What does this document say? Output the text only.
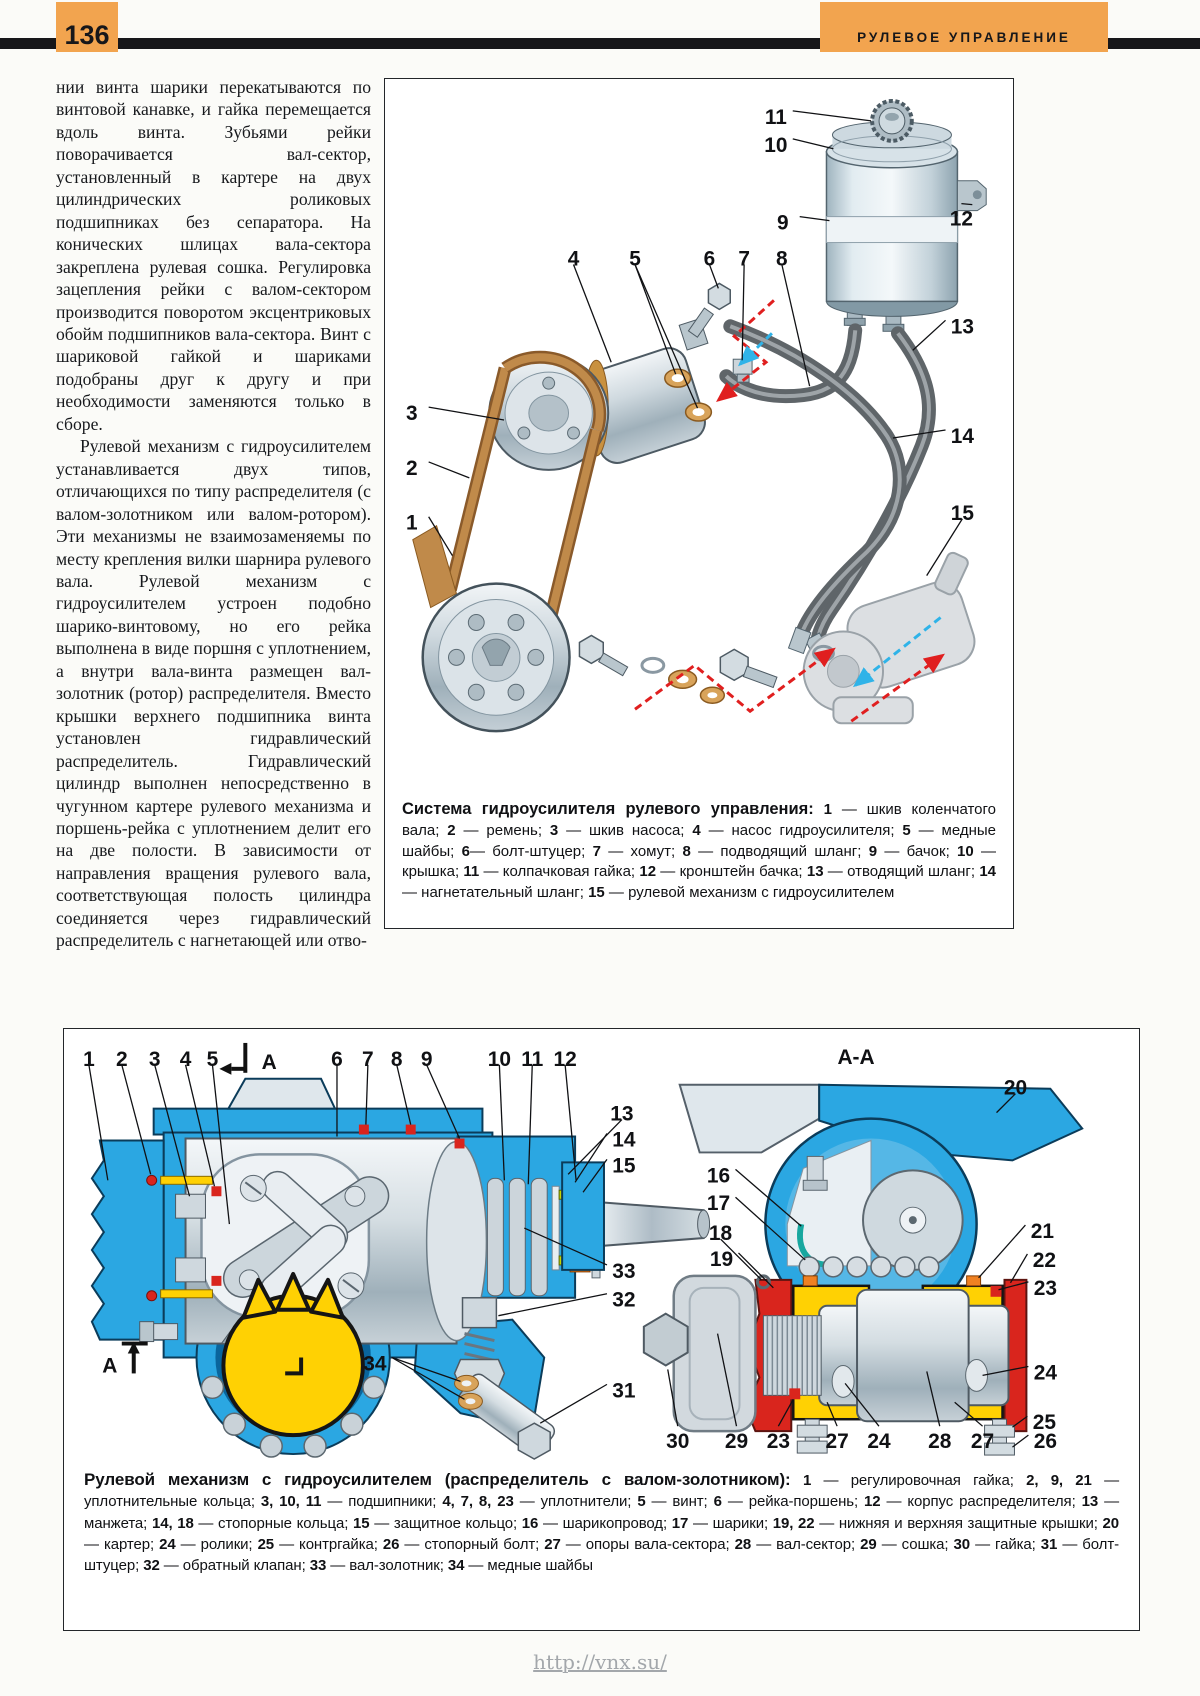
136	РУЛЕВОЕ УПРАВЛЕНИЕ

нии винта шарики перекатываются по винтовой канавке, и гайка перемещается вдоль винта. Зубьями рейки поворачивается вал-сектор, установленный в картере на двух цилиндрических роликовых подшипниках без сепаратора. На конических шлицах вала-сектора закреплена рулевая сошка. Регулировка зацепления рейки с валом-сектором производится поворотом эксцентриковых обойм подшипников вала-сектора. Винт с шариковой гайкой и шариками подобраны друг к другу и при необходимости заменяются только в сборе.

Рулевой механизм с гидроусилителем устанавливается двух типов, отличающихся по типу распределителя (с валом-золотником или валом-ротором). Эти механизмы не взаимозаменяемы по месту крепления вилки шарнира рулевого вала. Рулевой механизм с гидроусилителем устроен подобно шарико-винтовому, но его рейка выполнена в виде поршня с уплотнением, а внутри вала-винта размещен вал-золотник (ротор) распределителя. Вместо крышки верхнего подшипника винта установлен гидравлический распределитель. Гидравлический цилиндр выполнен непосредственно в чугунном картере рулевого механизма и поршень-рейка с уплотнением делит его на две полости. В зависимости от направления вращения рулевого вала, соответствующая полость цилиндра соединяется через гидравлический распределитель с нагнетающей или отво-

1
2
3
4 5	6 7 8
9
10
11
12
13
14
15
Система гидроусилителя рулевого управления: 1 — шкив коленчатого вала; 2 — ремень; 3 — шкив насоса; 4 — насос гидроусилителя; 5 — медные шайбы; 6— болт-штуцер; 7 — хомут; 8 — подводящий шланг; 9 — бачок; 10 — крышка; 11 — колпачковая гайка; 12 — кронштейн бачка; 13 — отводящий шланг; 14 — нагнетательный шланг; 15 — рулевой механизм с гидроусилителем
1 2 3 4 5 А	6 7 8 9	10 11 12
13
14
15
33
32
31
34
А
А-А
20
16
17
18
19
21
22
23
24
25
26
30 29 23 27 24 28 27
Рулевой механизм с гидроусилителем (распределитель с валом-золотником): 1 — регулировочная гайка; 2, 9, 21 — уплотнительные кольца; 3, 10, 11 — подшипники; 4, 7, 8, 23 — уплотнители; 5 — винт; 6 — рейка-поршень; 12 — корпус распределителя; 13 — манжета; 14, 18 — стопорные кольца; 15 — защитное кольцо; 16 — шарикопровод; 17 — шарики; 19, 22 — нижняя и верхняя защитные крышки; 20 — картер; 24 — ролики; 25 — контргайка; 26 — стопорный болт; 27 — опоры вала-сектора; 28 — вал-сектор; 29 — сошка; 30 — гайка; 31 — болт-штуцер; 32 — обратный клапан; 33 — вал-золотник; 34 — медные шайбы
http://vnx.su/
